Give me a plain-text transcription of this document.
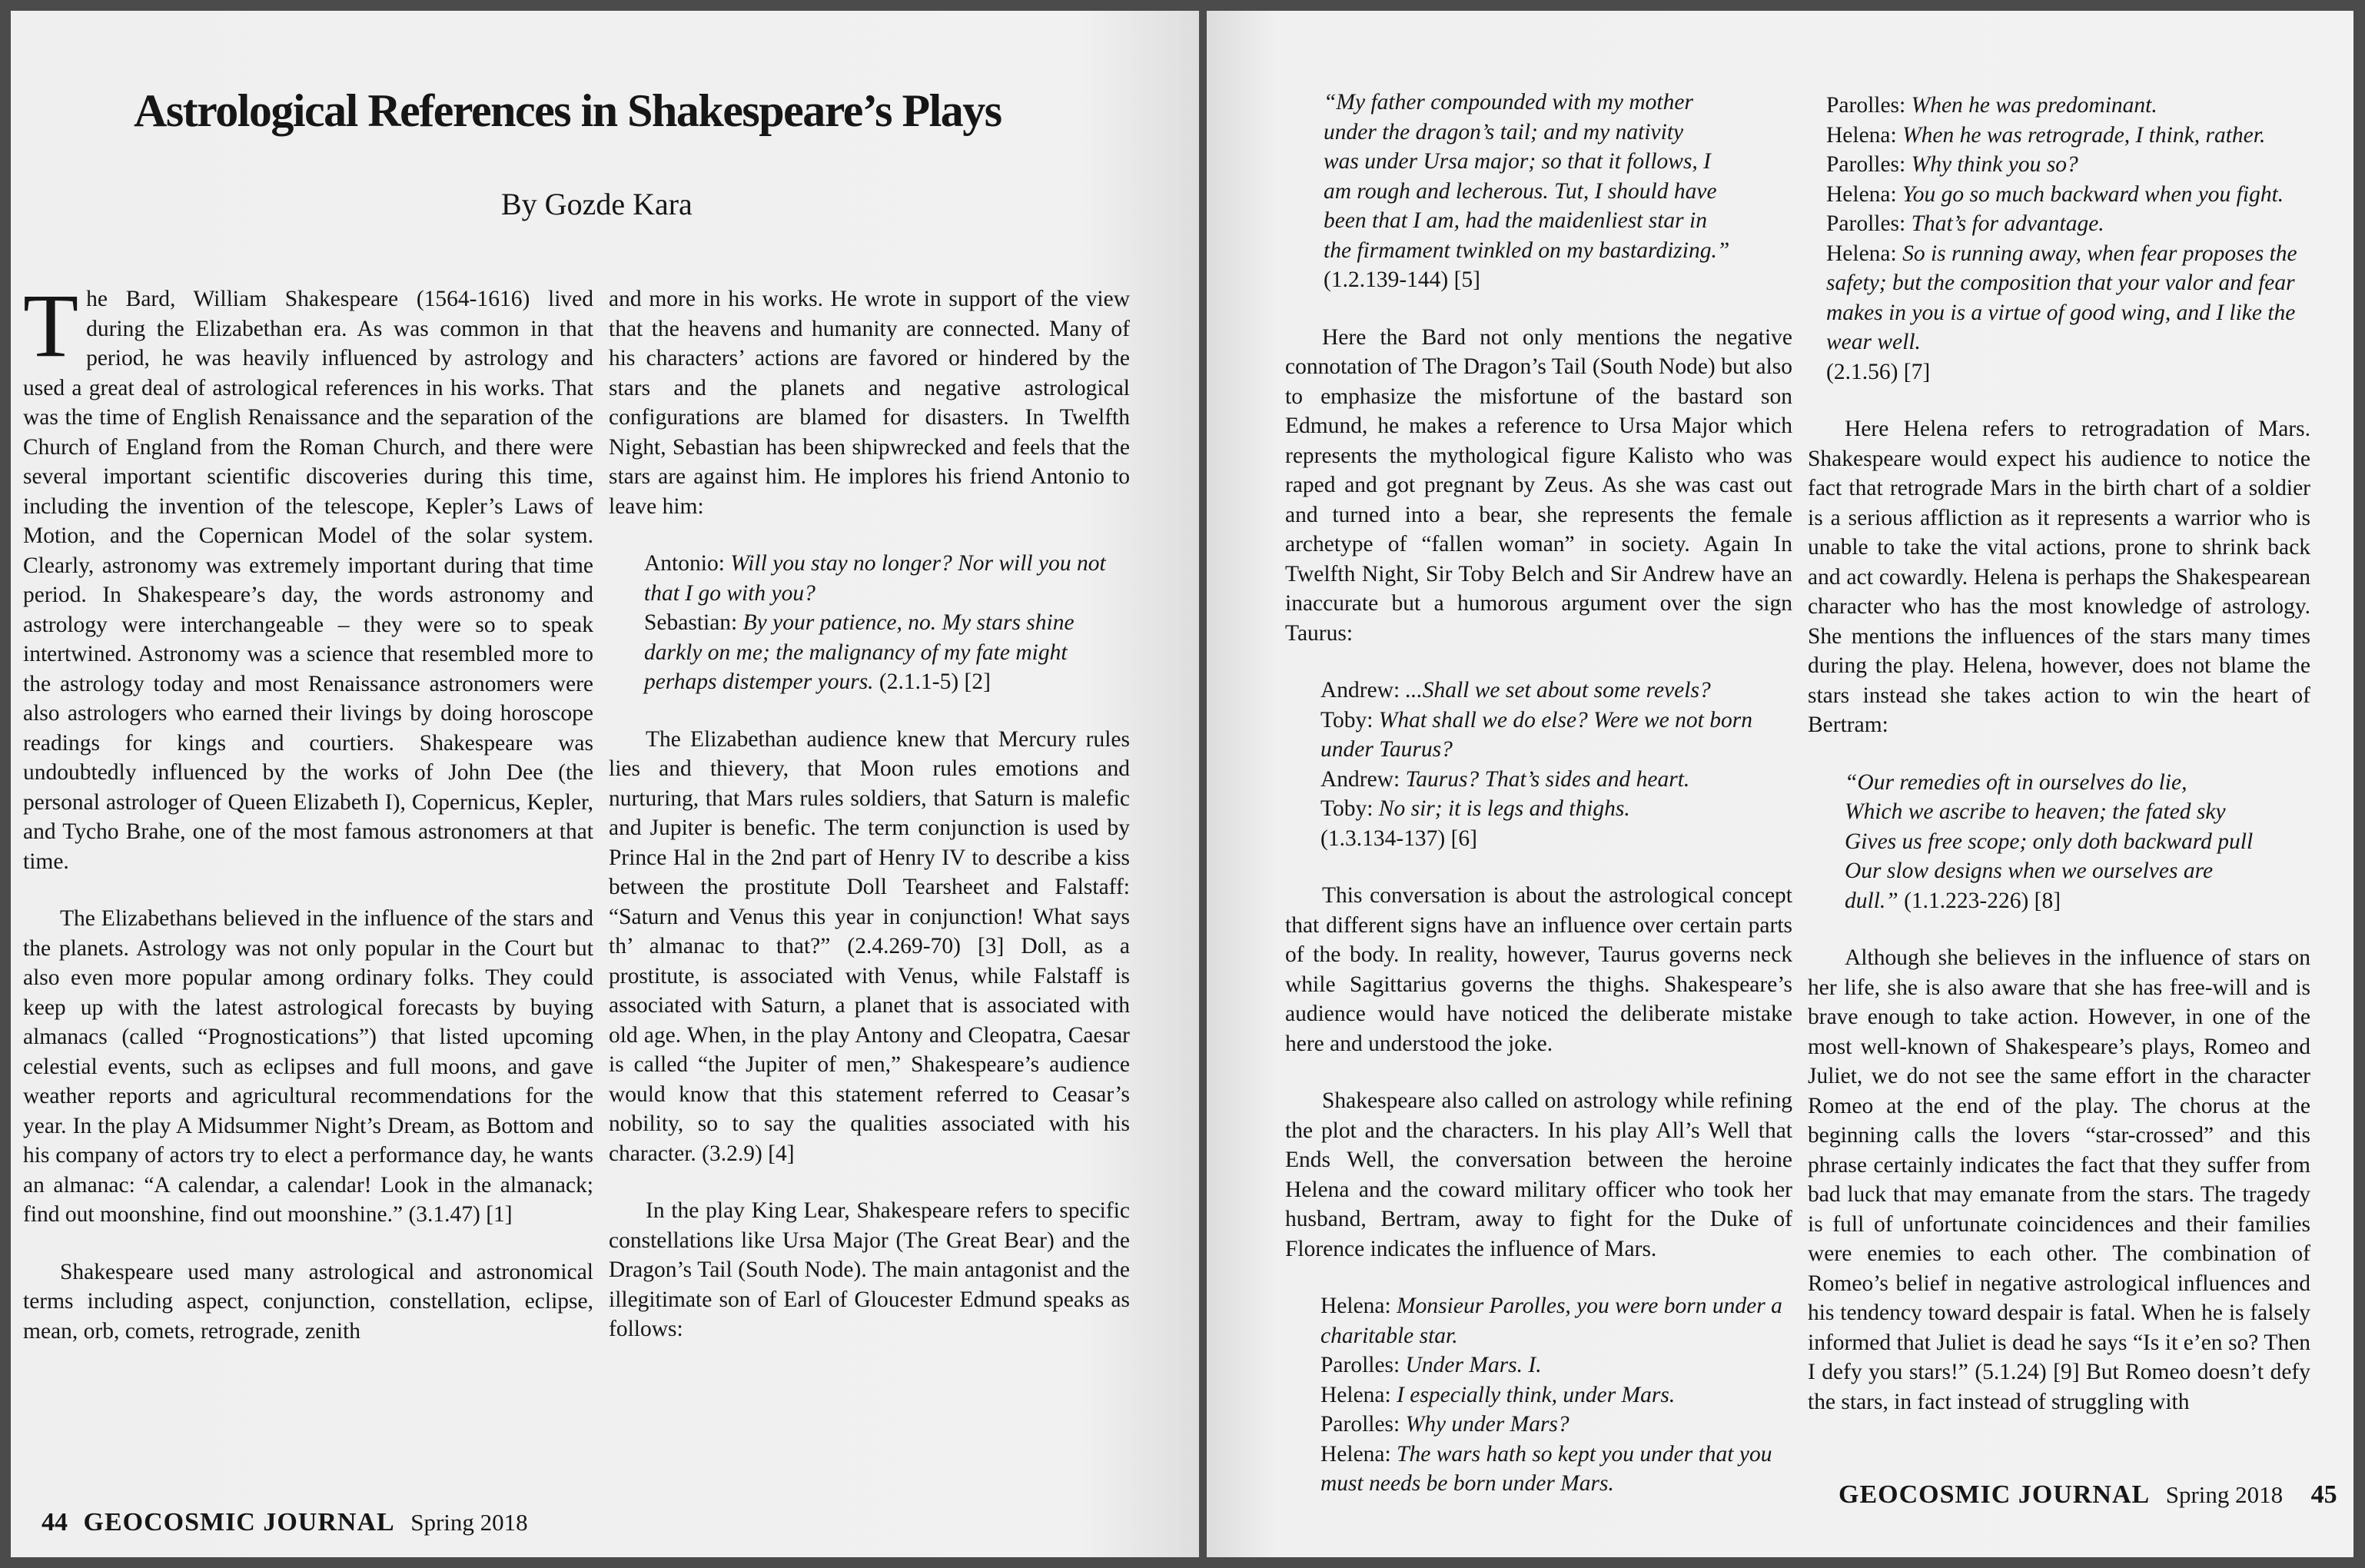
Astrological References in Shakespeare’s Plays
By Gozde Kara

The Bard, William Shakespeare (1564-1616) lived during the Elizabethan era. As was common in that period, he was heavily influenced by astrology and used a great deal of astrological references in his works. That was the time of English Renaissance and the separation of the Church of England from the Roman Church, and there were several important scientific discoveries during this time, including the invention of the telescope, Kepler’s Laws of Motion, and the Copernican Model of the solar system. Clearly, astronomy was extremely important during that time period. In Shakespeare’s day, the words astronomy and astrology were interchangeable – they were so to speak intertwined. Astronomy was a science that resembled more to the astrology today and most Renaissance astronomers were also astrologers who earned their livings by doing horoscope readings for kings and courtiers. Shakespeare was undoubtedly influenced by the works of John Dee (the personal astrologer of Queen Elizabeth I), Copernicus, Kepler, and Tycho Brahe, one of the most famous astronomers at that time.

The Elizabethans believed in the influence of the stars and the planets. Astrology was not only popular in the Court but also even more popular among ordinary folks. They could keep up with the latest astrological forecasts by buying almanacs (called “Prognostications”) that listed upcoming celestial events, such as eclipses and full moons, and gave weather reports and agricultural recommendations for the year. In the play A Midsummer Night’s Dream, as Bottom and his company of actors try to elect a performance day, he wants an almanac: “A calendar, a calendar! Look in the almanack; find out moonshine, find out moonshine.” (3.1.47) [1]

Shakespeare used many astrological and astronomical terms including aspect, conjunction, constellation, eclipse, mean, orb, comets, retrograde, zenith

and more in his works. He wrote in support of the view that the heavens and humanity are connected. Many of his characters’ actions are favored or hindered by the stars and the planets and negative astrological configurations are blamed for disasters. In Twelfth Night, Sebastian has been shipwrecked and feels that the stars are against him. He implores his friend Antonio to leave him:

Antonio: Will you stay no longer? Nor will you not that I go with you?
Sebastian: By your patience, no. My stars shine darkly on me; the malignancy of my fate might perhaps distemper yours. (2.1.1-5) [2]

The Elizabethan audience knew that Mercury rules lies and thievery, that Moon rules emotions and nurturing, that Mars rules soldiers, that Saturn is malefic and Jupiter is benefic. The term conjunction is used by Prince Hal in the 2nd part of Henry IV to describe a kiss between the prostitute Doll Tearsheet and Falstaff: “Saturn and Venus this year in conjunction! What says th’ almanac to that?” (2.4.269-70) [3] Doll, as a prostitute, is associated with Venus, while Falstaff is associated with Saturn, a planet that is associated with old age. When, in the play Antony and Cleopatra, Caesar is called “the Jupiter of men,” Shakespeare’s audience would know that this statement referred to Ceasar’s nobility, so to say the qualities associated with his character. (3.2.9) [4]

In the play King Lear, Shakespeare refers to specific constellations like Ursa Major (The Great Bear) and the Dragon’s Tail (South Node). The main antagonist and the illegitimate son of Earl of Gloucester Edmund speaks as follows:

44 GEOCOSMIC JOURNAL Spring 2018
“My father compounded with my mother
under the dragon’s tail; and my nativity
was under Ursa major; so that it follows, I
am rough and lecherous. Tut, I should have
been that I am, had the maidenliest star in
the firmament twinkled on my bastardizing.”
(1.2.139-144) [5]

Here the Bard not only mentions the negative connotation of The Dragon’s Tail (South Node) but also to emphasize the misfortune of the bastard son Edmund, he makes a reference to Ursa Major which represents the mythological figure Kalisto who was raped and got pregnant by Zeus. As she was cast out and turned into a bear, she represents the female archetype of “fallen woman” in society. Again In Twelfth Night, Sir Toby Belch and Sir Andrew have an inaccurate but a humorous argument over the sign Taurus:

Andrew: ...Shall we set about some revels?
Toby: What shall we do else? Were we not born under Taurus?
Andrew: Taurus? That’s sides and heart.
Toby: No sir; it is legs and thighs.
(1.3.134-137) [6]

This conversation is about the astrological concept that different signs have an influence over certain parts of the body. In reality, however, Taurus governs neck while Sagittarius governs the thighs. Shakespeare’s audience would have noticed the deliberate mistake here and understood the joke.

Shakespeare also called on astrology while refining the plot and the characters. In his play All’s Well that Ends Well, the conversation between the heroine Helena and the coward military officer who took her husband, Bertram, away to fight for the Duke of Florence indicates the influence of Mars.

Helena: Monsieur Parolles, you were born under a charitable star.
Parolles: Under Mars. I.
Helena: I especially think, under Mars.
Parolles: Why under Mars?
Helena: The wars hath so kept you under that you must needs be born under Mars.
Parolles: When he was predominant.
Helena: When he was retrograde, I think, rather.
Parolles: Why think you so?
Helena: You go so much backward when you fight.
Parolles: That’s for advantage.
Helena: So is running away, when fear proposes the safety; but the composition that your valor and fear makes in you is a virtue of good wing, and I like the wear well.
(2.1.56) [7]

Here Helena refers to retrogradation of Mars. Shakespeare would expect his audience to notice the fact that retrograde Mars in the birth chart of a soldier is a serious affliction as it represents a warrior who is unable to take the vital actions, prone to shrink back and act cowardly. Helena is perhaps the Shakespearean character who has the most knowledge of astrology. She mentions the influences of the stars many times during the play. Helena, however, does not blame the stars instead she takes action to win the heart of Bertram:

“Our remedies oft in ourselves do lie,
Which we ascribe to heaven; the fated sky
Gives us free scope; only doth backward pull
Our slow designs when we ourselves are
dull.” (1.1.223-226) [8]

Although she believes in the influence of stars on her life, she is also aware that she has free-will and is brave enough to take action. However, in one of the most well-known of Shakespeare’s plays, Romeo and Juliet, we do not see the same effort in the character Romeo at the end of the play. The chorus at the beginning calls the lovers “star-crossed” and this phrase certainly indicates the fact that they suffer from bad luck that may emanate from the stars. The tragedy is full of unfortunate coincidences and their families were enemies to each other. The combination of Romeo’s belief in negative astrological influences and his tendency toward despair is fatal. When he is falsely informed that Juliet is dead he says “Is it e’en so? Then I defy you stars!” (5.1.24) [9] But Romeo doesn’t defy the stars, in fact instead of struggling with

GEOCOSMIC JOURNAL Spring 2018 45
